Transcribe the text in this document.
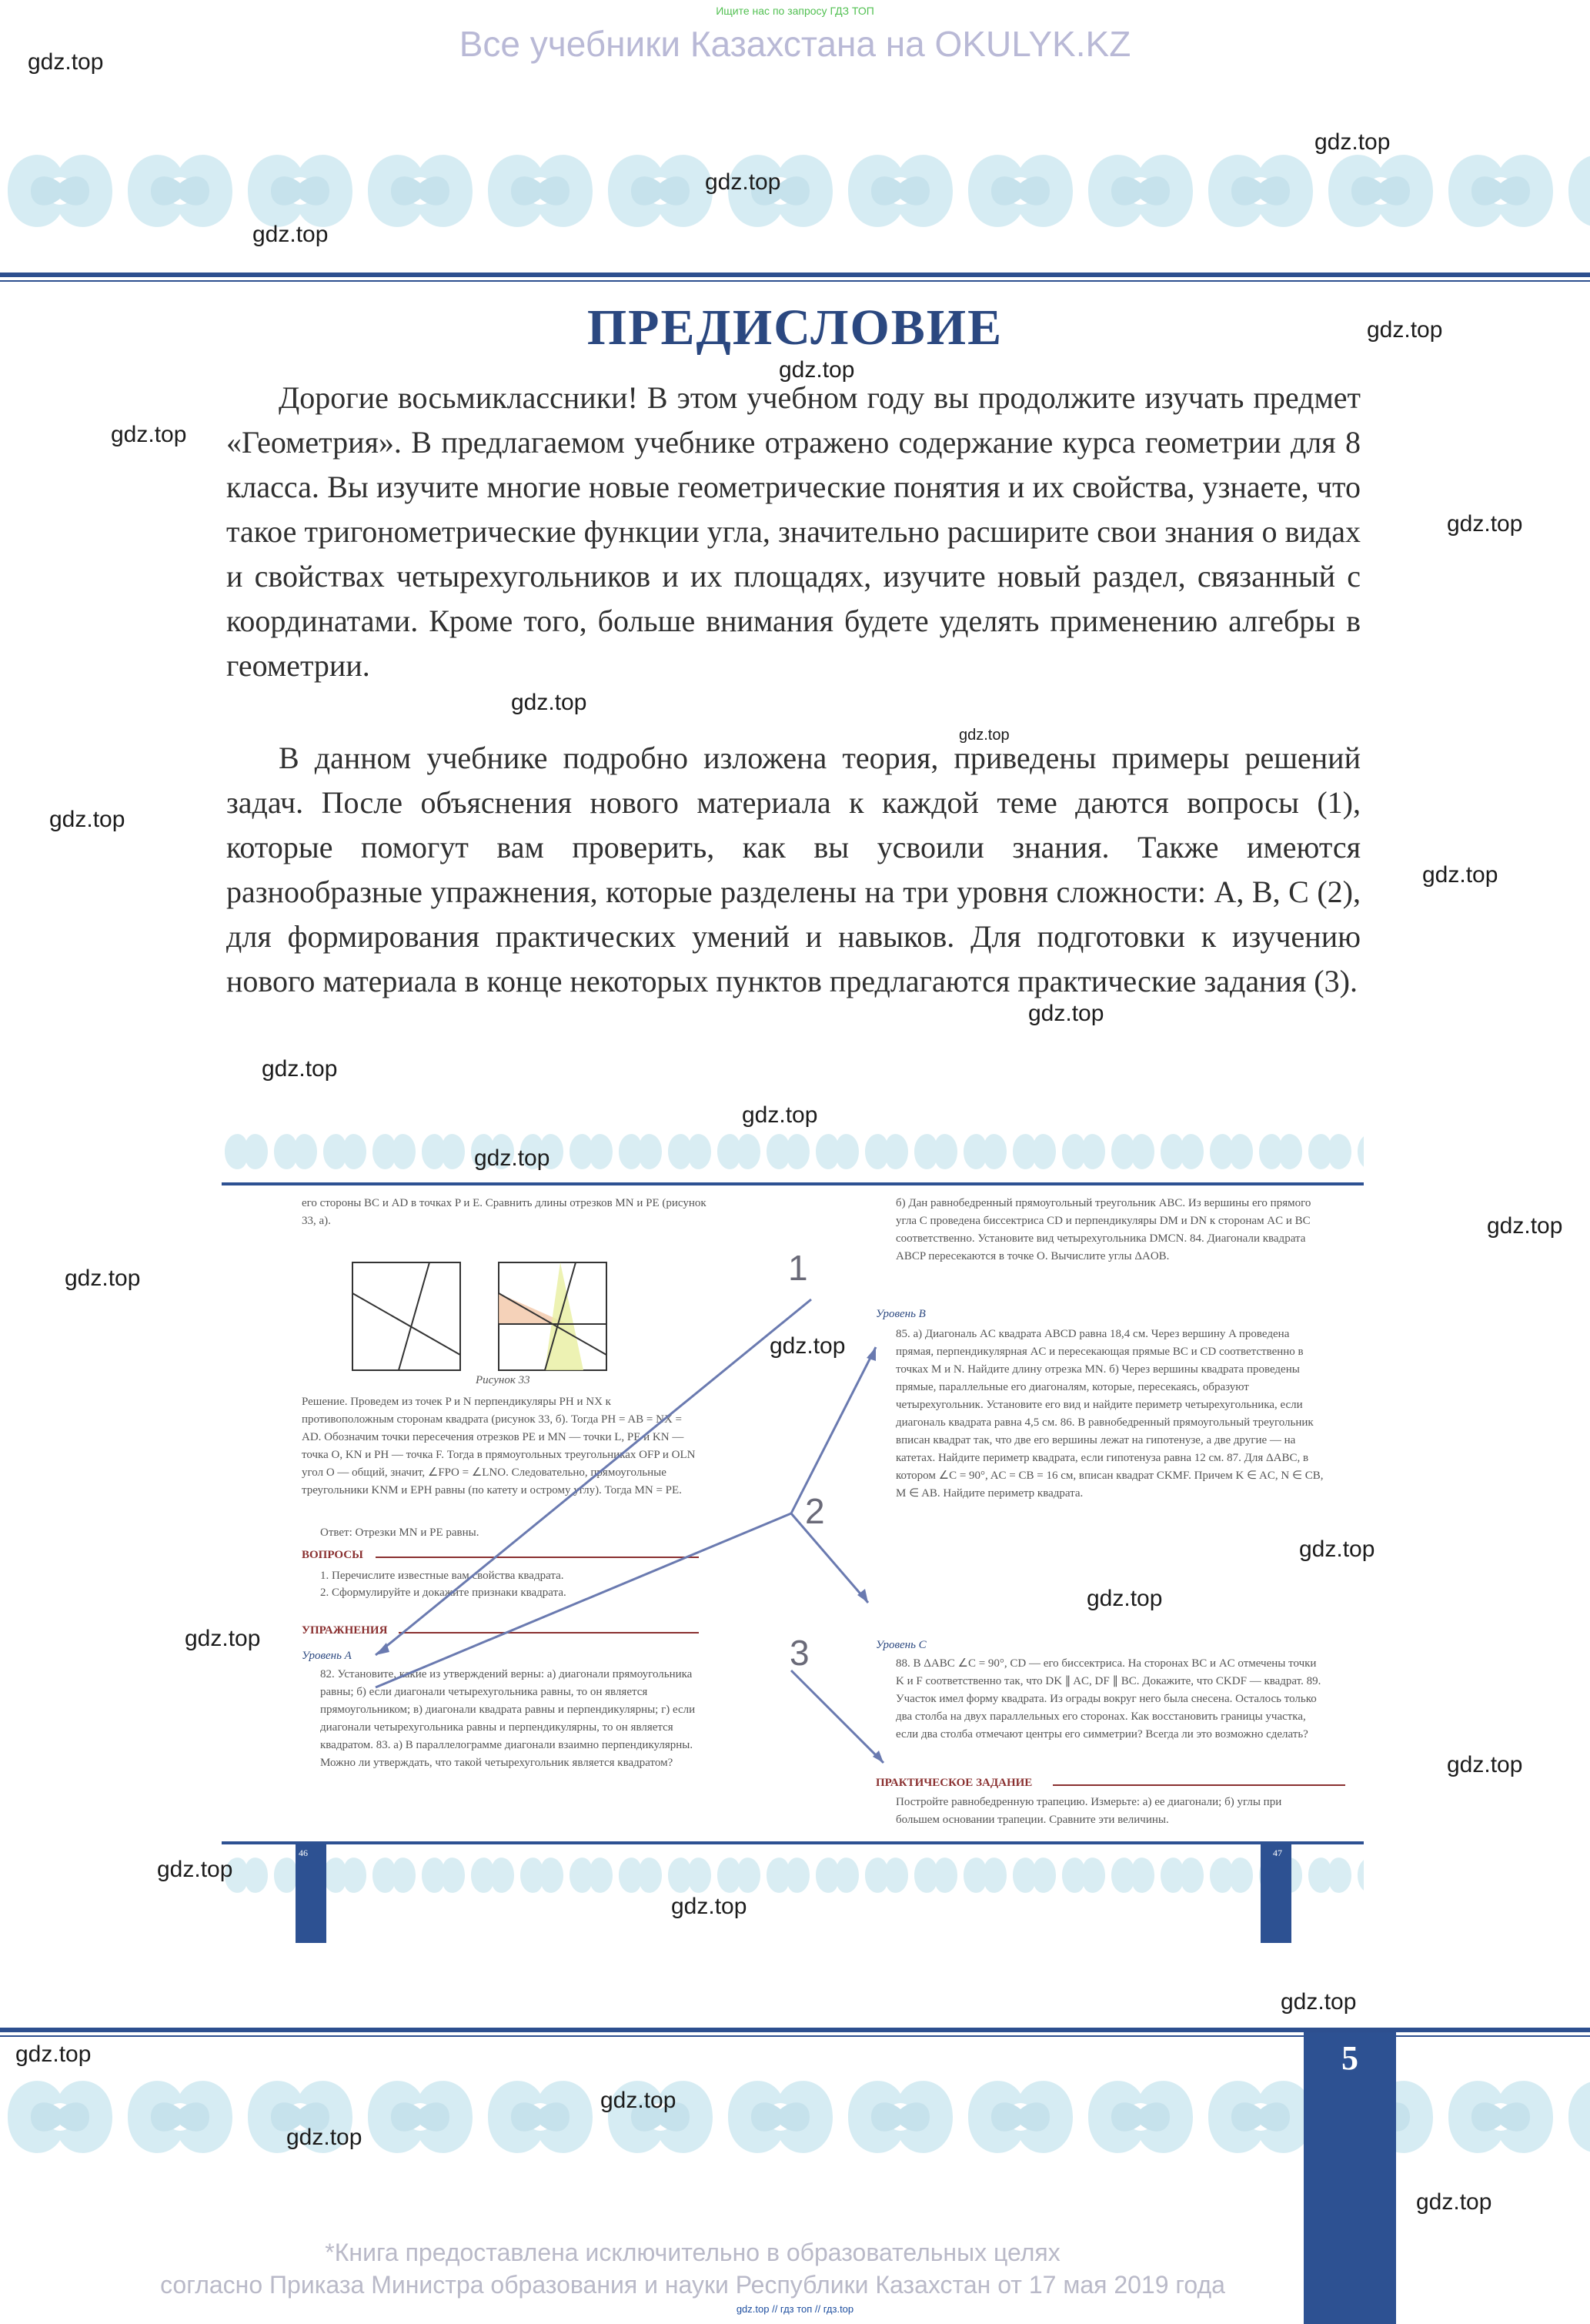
Ищите нас по запросу ГДЗ ТОП
Все учебники Казахстана на OKULYK.KZ
ПРЕДИСЛОВИЕ

Дорогие восьмиклассники! В этом учебном году вы продолжите изучать предмет «Геометрия». В предлагаемом учебнике отражено содержание курса геометрии для 8 класса. Вы изучите многие новые геометрические понятия и их свойства, узнаете, что такое тригонометрические функции угла, значительно расширите свои знания о видах и свойствах четырехугольников и их площадях, изучите новый раздел, связанный с координатами. Кроме того, больше внимания будете уделять применению алгебры в геометрии.

В данном учебнике подробно изложена теория, приведены примеры решений задач. После объяснения нового материала к каждой теме даются вопросы (1), которые помогут вам проверить, как вы усвоили знания. Также имеются разнообразные упражнения, которые разделены на три уровня сложности: А, В, С (2), для формирования практических умений и навыков. Для подготовки к изучению нового материала в конце некоторых пунктов предлагаются практические задания (3).

его стороны BC и AD в точках P и E. Сравнить длины отрезков MN и PE (рисунок 33, а).
Рисунок 33
Решение. Проведем из точек P и N перпендикуляры PH и NX к противоположным сторонам квадрата (рисунок 33, б). Тогда PH = AB = NX = AD. Обозначим точки пересечения отрезков PE и MN — точки L, PE и KN — точка O, KN и PH — точка F. Тогда в прямоугольных треугольниках OFP и OLN угол O — общий, значит, ∠FPO = ∠LNO. Следовательно, прямоугольные треугольники KNM и EPH равны (по катету и острому углу). Тогда MN = PE.
Ответ: Отрезки MN и PE равны.
ВОПРОСЫ
1. Перечислите известные вам свойства квадрата.
2. Сформулируйте и докажите признаки квадрата.
УПРАЖНЕНИЯ
Уровень A
82. Установите, какие из утверждений верны: а) диагонали прямоугольника равны; б) если диагонали четырехугольника равны, то он является прямоугольником; в) диагонали квадрата равны и перпендикулярны; г) если диагонали четырехугольника равны и перпендикулярны, то он является квадратом. 83. а) В параллелограмме диагонали взаимно перпендикулярны. Можно ли утверждать, что такой четырехугольник является квадратом?
б) Дан равнобедренный прямоугольный треугольник ABC. Из вершины его прямого угла C проведена биссектриса CD и перпендикуляры DM и DN к сторонам AC и BC соответственно. Установите вид четырехугольника DMCN. 84. Диагонали квадрата ABCP пересекаются в точке O. Вычислите углы ΔAOB.
Уровень B
85. а) Диагональ AC квадрата ABCD равна 18,4 см. Через вершину A проведена прямая, перпендикулярная AC и пересекающая прямые BC и CD соответственно в точках M и N. Найдите длину отрезка MN. б) Через вершины квадрата проведены прямые, параллельные его диагоналям, которые, пересекаясь, образуют четырехугольник. Установите его вид и найдите периметр четырехугольника, если диагональ квадрата равна 4,5 см. 86. В равнобедренный прямоугольный треугольник вписан квадрат так, что две его вершины лежат на гипотенузе, а две другие — на катетах. Найдите периметр квадрата, если гипотенуза равна 12 см. 87. Для ΔABC, в котором ∠C = 90°, AC = CB = 16 см, вписан квадрат CKMF. Причем K ∈ AC, N ∈ CB, M ∈ AB. Найдите периметр квадрата.
Уровень C
88. В ΔABC ∠C = 90°, CD — его биссектриса. На сторонах BC и AC отмечены точки K и F соответственно так, что DK ∥ AC, DF ∥ BC. Докажите, что CKDF — квадрат. 89. Участок имел форму квадрата. Из ограды вокруг него была снесена. Осталось только два столба на двух параллельных его сторонах. Как восстановить границы участка, если два столба отмечают центры его симметрии? Всегда ли это возможно сделать?
ПРАКТИЧЕСКОЕ ЗАДАНИЕ
Постройте равнобедренную трапецию. Измерьте: а) ее диагонали; б) углы при большем основании трапеции. Сравните эти величины.
1
2
3
46	47
5
*Книга предоставлена исключительно в образовательных целях
согласно Приказа Министра образования и науки Республики Казахстан от 17 мая 2019 года
gdz.top // гдз топ // гдз.top
gdz.top
gdz.top
gdz.top
gdz.top
gdz.top
gdz.top
gdz.top
gdz.top
gdz.top
gdz.top
gdz.top
gdz.top
gdz.top
gdz.top
gdz.top
gdz.top
gdz.top
gdz.top
gdz.top
gdz.top
gdz.top
gdz.top
gdz.top
gdz.top
gdz.top
gdz.top
gdz.top
gdz.top
gdz.top
gdz.top
